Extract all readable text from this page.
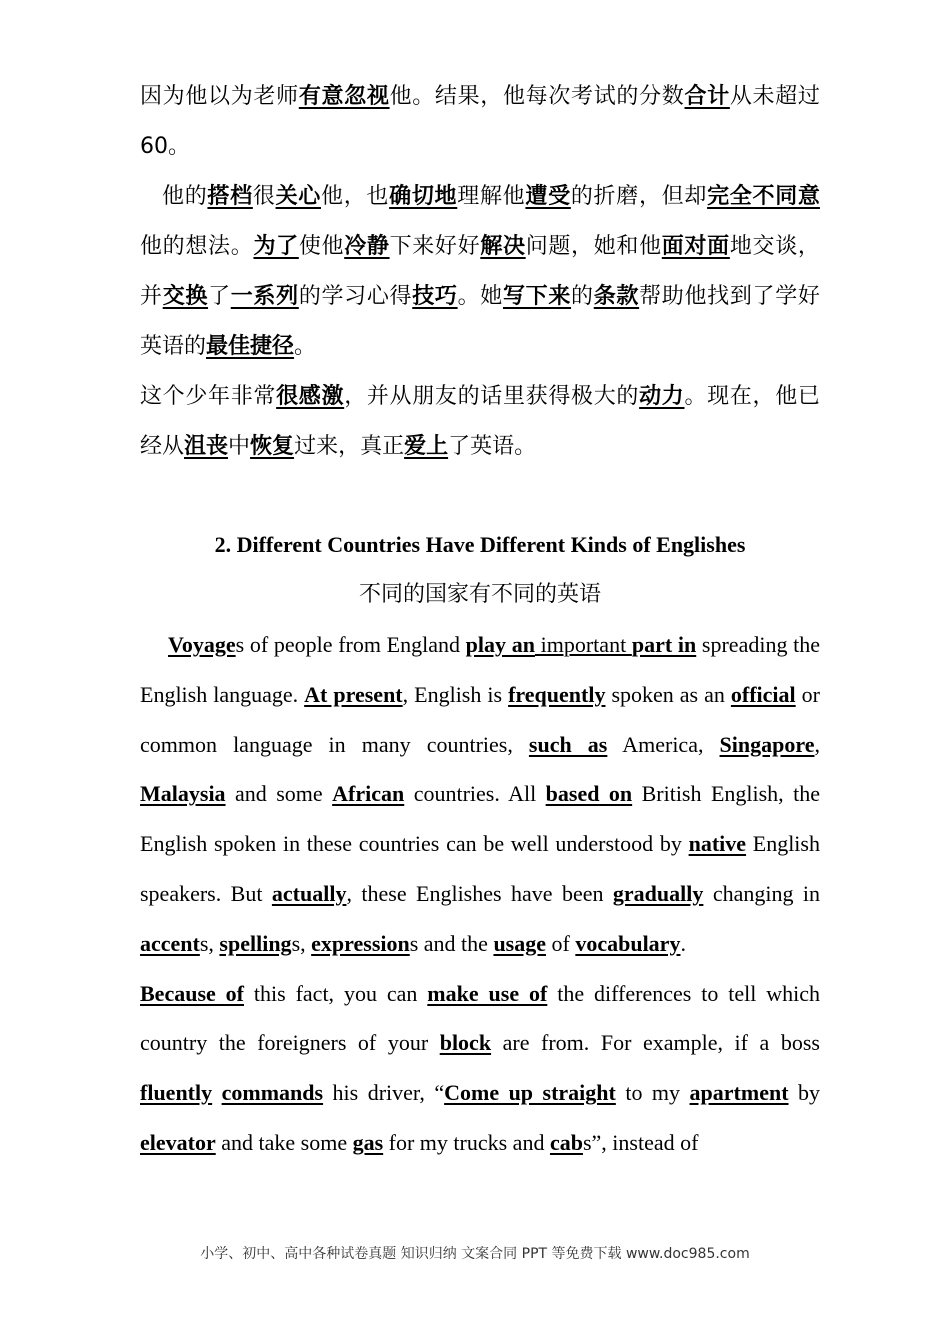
因为他以为老师有意忽视他。结果，他每次考试的分数合计从未超过 60。

他的搭档很关心他，也确切地理解他遭受的折磨，但却完全不同意他的想法。为了使他冷静下来好好解决问题，她和他面对面地交谈，并交换了一系列的学习心得技巧。她写下来的条款帮助他找到了学好英语的最佳捷径。

这个少年非常很感激，并从朋友的话里获得极大的动力。现在，他已经从沮丧中恢复过来，真正爱上了英语。

2. Different Countries Have Different Kinds of Englishes

不同的国家有不同的英语

Voyages of people from England play an important part in spreading the English language. At present, English is frequently spoken as an official or common language in many countries, such as America, Singapore, Malaysia and some African countries. All based on British English, the English spoken in these countries can be well understood by native English speakers. But actually, these Englishes have been gradually changing in accents, spellings, expressions and the usage of vocabulary.

Because of this fact, you can make use of the differences to tell which country the foreigners of your block are from. For example, if a boss fluently commands his driver, “Come up straight to my apartment by elevator and take some gas for my trucks and cabs”, instead of

小学、初中、高中各种试卷真题 知识归纳 文案合同 PPT 等免费下载 www.doc985.com
